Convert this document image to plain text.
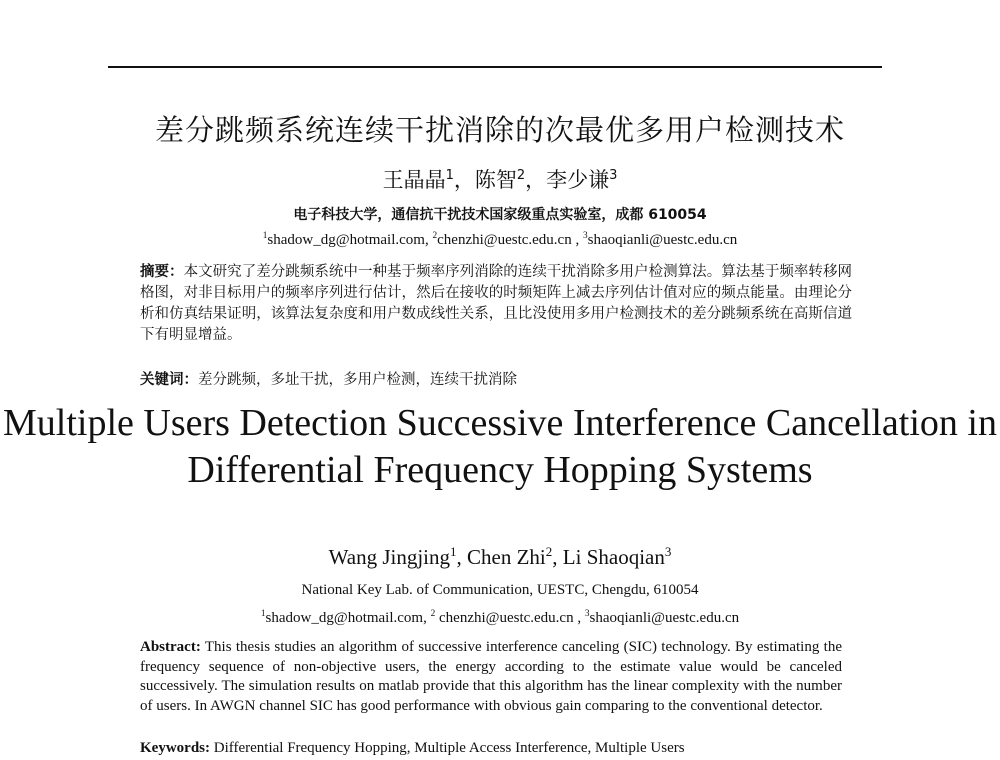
差分跳频系统连续干扰消除的次最优多用户检测技术
王晶晶$^1$，陈智$^2$，李少谦$^3$
电子科技大学，通信抗干扰技术国家级重点实验室，成都 610054
$^1$shadow_dg@hotmail.com, $^2$chenzhi@uestc.edu.cn , $^3$shaoqianli@uestc.edu.cn
摘要：本文研究了差分跳频系统中一种基于频率序列消除的连续干扰消除多用户检测算法。算法基于频率转移网格图，对非目标用户的频率序列进行估计，然后在接收的时频矩阵上减去序列估计值对应的频点能量。由理论分析和仿真结果证明，该算法复杂度和用户数成线性关系，且比没使用多用户检测技术的差分跳频系统在高斯信道下有明显增益。
关键词：差分跳频，多址干扰，多用户检测，连续干扰消除
Multiple Users Detection Successive Interference Cancellation in Differential Frequency Hopping Systems
Wang Jingjing$^1$, Chen Zhi$^2$, Li Shaoqian$^3$
National Key Lab. of Communication, UESTC, Chengdu, 610054
$^1$shadow_dg@hotmail.com, $^2$ chenzhi@uestc.edu.cn , $^3$shaoqianli@uestc.edu.cn
Abstract: This thesis studies an algorithm of successive interference canceling (SIC) technology. By estimating the frequency sequence of non-objective users, the energy according to the estimate value would be canceled successively. The simulation results on matlab provide that this algorithm has the linear complexity with the number of users. In AWGN channel SIC has good performance with obvious gain comparing to the conventional detector.
Keywords: Differential Frequency Hopping, Multiple Access Interference, Multiple Users
